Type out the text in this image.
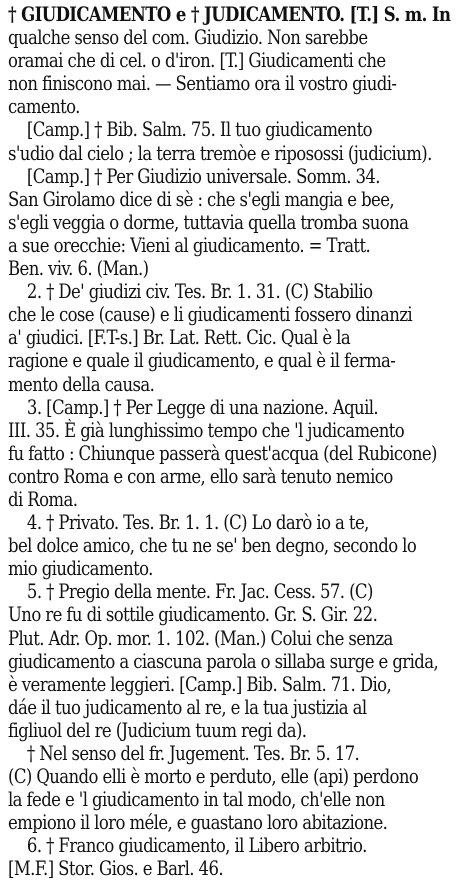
† GIUDICAMENTO e † JUDICAMENTO. [T.] S. m. In
qualche senso del com. Giudizio. Non sarebbe
oramai che di cel. o d'iron. [T.] Giudicamenti che
non finiscono mai. — Sentiamo ora il vostro giudi-
camento.
[Camp.] † Bib. Salm. 75. Il tuo giudicamento
s'udio dal cielo ; la terra tremòe e riposossi (judicium).
[Camp.] † Per Giudizio universale. Somm. 34.
San Girolamo dice di sè : che s'egli mangia e bee,
s'egli veggia o dorme, tuttavia quella tromba suona
a sue orecchie: Vieni al giudicamento. = Tratt.
Ben. viv. 6. (Man.)
2. † De' giudizi civ. Tes. Br. 1. 31. (C) Stabilio
che le cose (cause) e li giudicamenti fossero dinanzi
a' giudici. [F.T-s.] Br. Lat. Rett. Cic. Qual è la
ragione e quale il giudicamento, e qual è il ferma-
mento della causa.
3. [Camp.] † Per Legge di una nazione. Aquil.
III. 35. È già lunghissimo tempo che 'l judicamento
fu fatto : Chiunque passerà quest'acqua (del Rubicone)
contro Roma e con arme, ello sarà tenuto nemico
di Roma.
4. † Privato. Tes. Br. 1. 1. (C) Lo darò io a te,
bel dolce amico, che tu ne se' ben degno, secondo lo
mio giudicamento.
5. † Pregio della mente. Fr. Jac. Cess. 57. (C)
Uno re fu di sottile giudicamento. Gr. S. Gir. 22.
Plut. Adr. Op. mor. 1. 102. (Man.) Colui che senza
giudicamento a ciascuna parola o sillaba surge e grida,
è veramente leggieri. [Camp.] Bib. Salm. 71. Dio,
dáe il tuo judicamento al re, e la tua justizia al
figliuol del re (Judicium tuum regi da).
† Nel senso del fr. Jugement. Tes. Br. 5. 17.
(C) Quando elli è morto e perduto, elle (api) perdono
la fede e 'l giudicamento in tal modo, ch'elle non
empiono il loro méle, e guastano loro abitazione.
6. † Franco giudicamento, il Libero arbitrio.
[M.F.] Stor. Gios. e Barl. 46.
